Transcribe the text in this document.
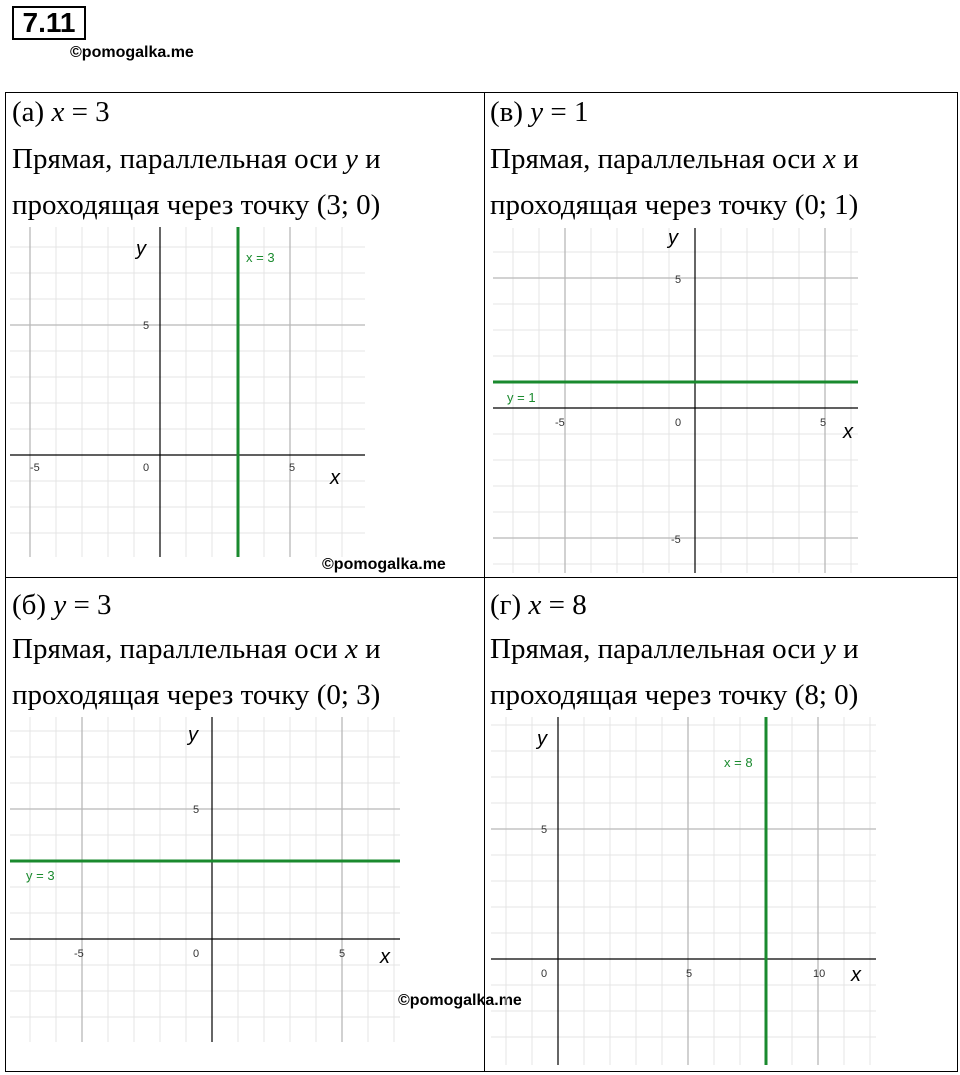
7.11
©pomogalka.me
(а) x = 3
Прямая, параллельная оси y и
проходящая через точку (3; 0)
x = 3
-5	0	5
5
x
y
©pomogalka.me
(в) y = 1
Прямая, параллельная оси x и
проходящая через точку (0; 1)
y = 1
-5	0	5
5
-5
x
y
(б) y = 3
Прямая, параллельная оси x и
проходящая через точку (0; 3)
y = 3
-5	0	5
5
x
y
©pomogalka.me
(г) x = 8
Прямая, параллельная оси y и
проходящая через точку (8; 0)
x = 8
0	5	10
5
x
y
